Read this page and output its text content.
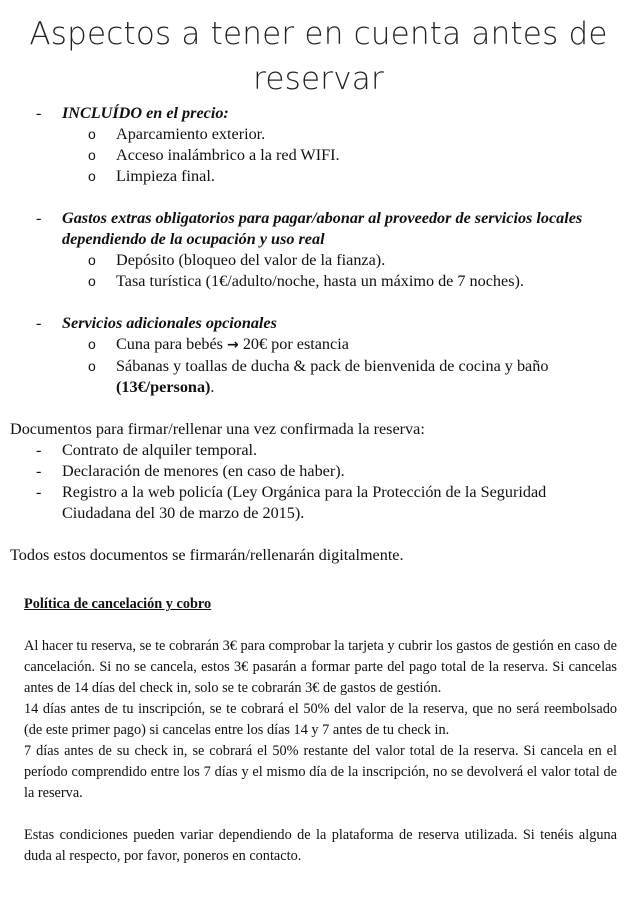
Aspectos a tener en cuenta antes de reservar
- INCLUÍDO en el precio:
o Aparcamiento exterior.
o Acceso inalámbrico a la red WIFI.
o Limpieza final.
- Gastos extras obligatorios para pagar/abonar al proveedor de servicios locales dependiendo de la ocupación y uso real
o Depósito (bloqueo del valor de la fianza).
o Tasa turística (1€/adulto/noche, hasta un máximo de 7 noches).
- Servicios adicionales opcionales
o Cuna para bebés → 20€ por estancia
o Sábanas y toallas de ducha & pack de bienvenida de cocina y baño (13€/persona).
Documentos para firmar/rellenar una vez confirmada la reserva:
- Contrato de alquiler temporal.
- Declaración de menores (en caso de haber).
- Registro a la web policía (Ley Orgánica para la Protección de la Seguridad Ciudadana del 30 de marzo de 2015).
Todos estos documentos se firmarán/rellenarán digitalmente.
Política de cancelación y cobro
Al hacer tu reserva, se te cobrarán 3€ para comprobar la tarjeta y cubrir los gastos de gestión en caso de cancelación. Si no se cancela, estos 3€ pasarán a formar parte del pago total de la reserva. Si cancelas antes de 14 días del check in, solo se te cobrarán 3€ de gastos de gestión.
14 días antes de tu inscripción, se te cobrará el 50% del valor de la reserva, que no será reembolsado (de este primer pago) si cancelas entre los días 14 y 7 antes de tu check in.
7 días antes de su check in, se cobrará el 50% restante del valor total de la reserva. Si cancela en el período comprendido entre los 7 días y el mismo día de la inscripción, no se devolverá el valor total de la reserva.
Estas condiciones pueden variar dependiendo de la plataforma de reserva utilizada. Si tenéis alguna duda al respecto, por favor, poneros en contacto.
